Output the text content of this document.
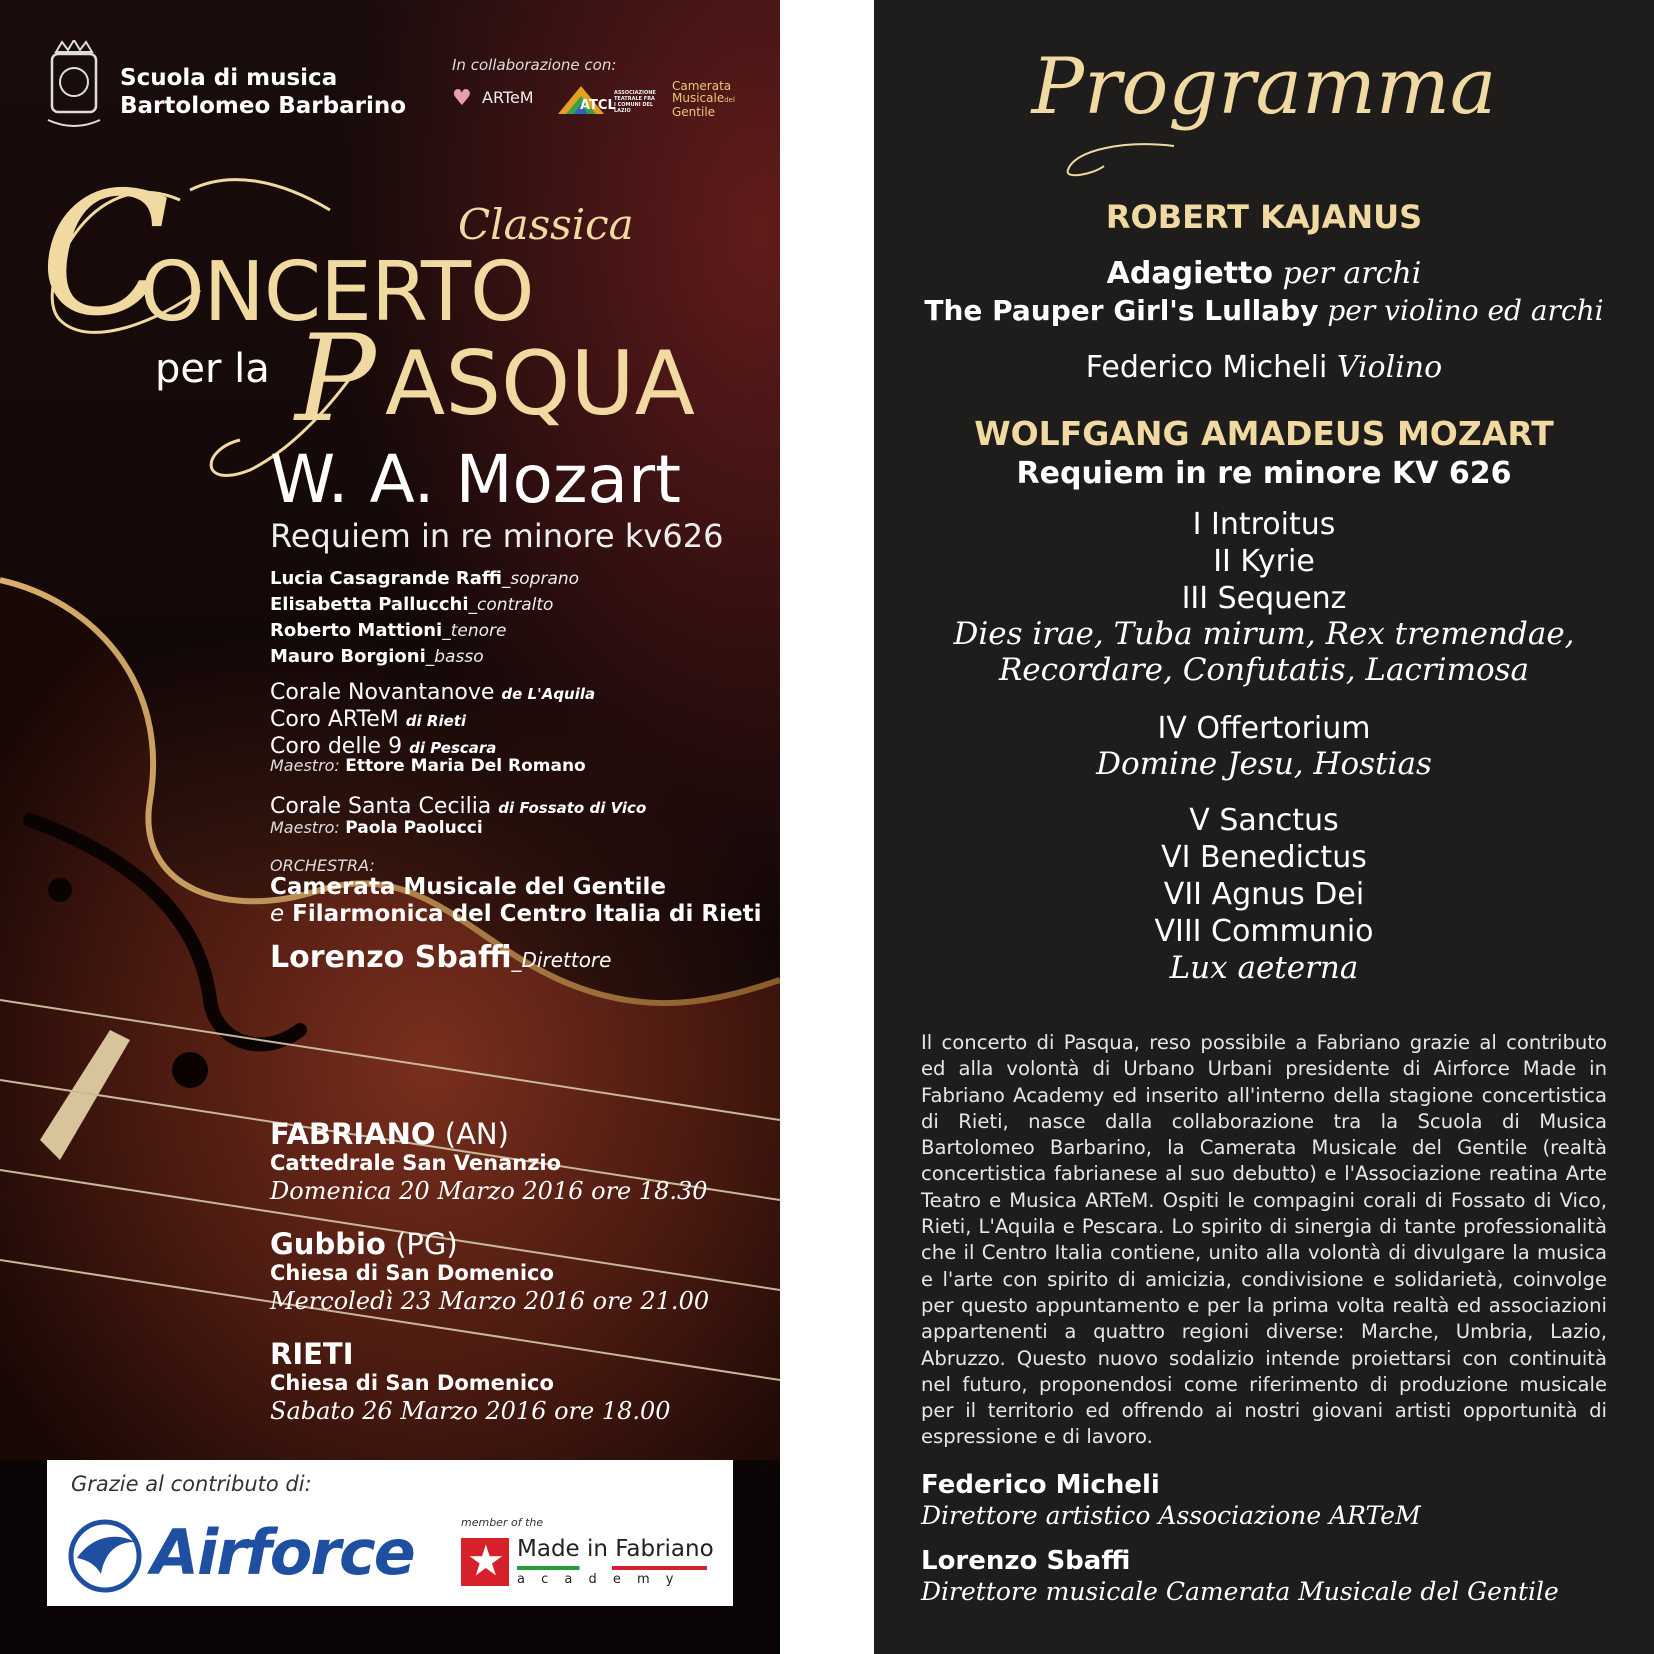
Scuola di musica
Bartolomeo Barbarino
In collaborazione con:
♥ ARTeM	ATCL
ASSOCIAZIONE TEATRALE FRA I COMUNI DEL LAZIO
Camerata
Musicaledel
Gentile
Classica
C
ONCERTO
per la P ASQUA
W. A. Mozart
Requiem in re minore kv626
Lucia Casagrande Raffi_soprano
Elisabetta Pallucchi_contralto
Roberto Mattioni_tenore
Mauro Borgioni_basso
Corale Novantanove de L'Aquila
Coro ARTeM di Rieti
Coro delle 9 di Pescara
Maestro: Ettore Maria Del Romano
Corale Santa Cecilia di Fossato di Vico
Maestro: Paola Paolucci
ORCHESTRA:
Camerata Musicale del Gentile
e Filarmonica del Centro Italia di Rieti
Lorenzo Sbaffi_Direttore
FABRIANO (AN)
Cattedrale San Venanzio
Domenica 20 Marzo 2016 ore 18.30
Gubbio (PG)
Chiesa di San Domenico
Mercoledì 23 Marzo 2016 ore 21.00
RIETI
Chiesa di San Domenico
Sabato 26 Marzo 2016 ore 18.00
Grazie al contributo di:
Airforce	member of the
★ Made in Fabriano
a c a d e m y
Programma
ROBERT KAJANUS
Adagietto per archi
The Pauper Girl's Lullaby per violino ed archi
Federico Micheli Violino
WOLFGANG AMADEUS MOZART
Requiem in re minore KV 626
I Introitus
II Kyrie
III Sequenz
Dies irae, Tuba mirum, Rex tremendae,
Recordare, Confutatis, Lacrimosa
IV Offertorium
Domine Jesu, Hostias
V Sanctus
VI Benedictus
VII Agnus Dei
VIII Communio
Lux aeterna
Il concerto di Pasqua, reso possibile a Fabriano grazie al contributo ed alla volontà di Urbano Urbani presidente di Airforce Made in Fabriano Academy ed inserito all'interno della stagione concertistica di Rieti, nasce dalla collaborazione tra la Scuola di Musica Bartolomeo Barbarino, la Camerata Musicale del Gentile (realtà concertistica fabrianese al suo debutto) e l'Associazione reatina Arte Teatro e Musica ARTeM. Ospiti le compagini corali di Fossato di Vico, Rieti, L'Aquila e Pescara. Lo spirito di sinergia di tante professionalità che il Centro Italia contiene, unito alla volontà di divulgare la musica e l'arte con spirito di amicizia, condivisione e solidarietà, coinvolge per questo appuntamento e per la prima volta realtà ed associazioni appartenenti a quattro regioni diverse: Marche, Umbria, Lazio, Abruzzo. Questo nuovo sodalizio intende proiettarsi con continuità nel futuro, proponendosi come riferimento di produzione musicale per il territorio ed offrendo ai nostri giovani artisti opportunità di espressione e di lavoro.
Federico Micheli
Direttore artistico Associazione ARTeM
Lorenzo Sbaffi
Direttore musicale Camerata Musicale del Gentile
